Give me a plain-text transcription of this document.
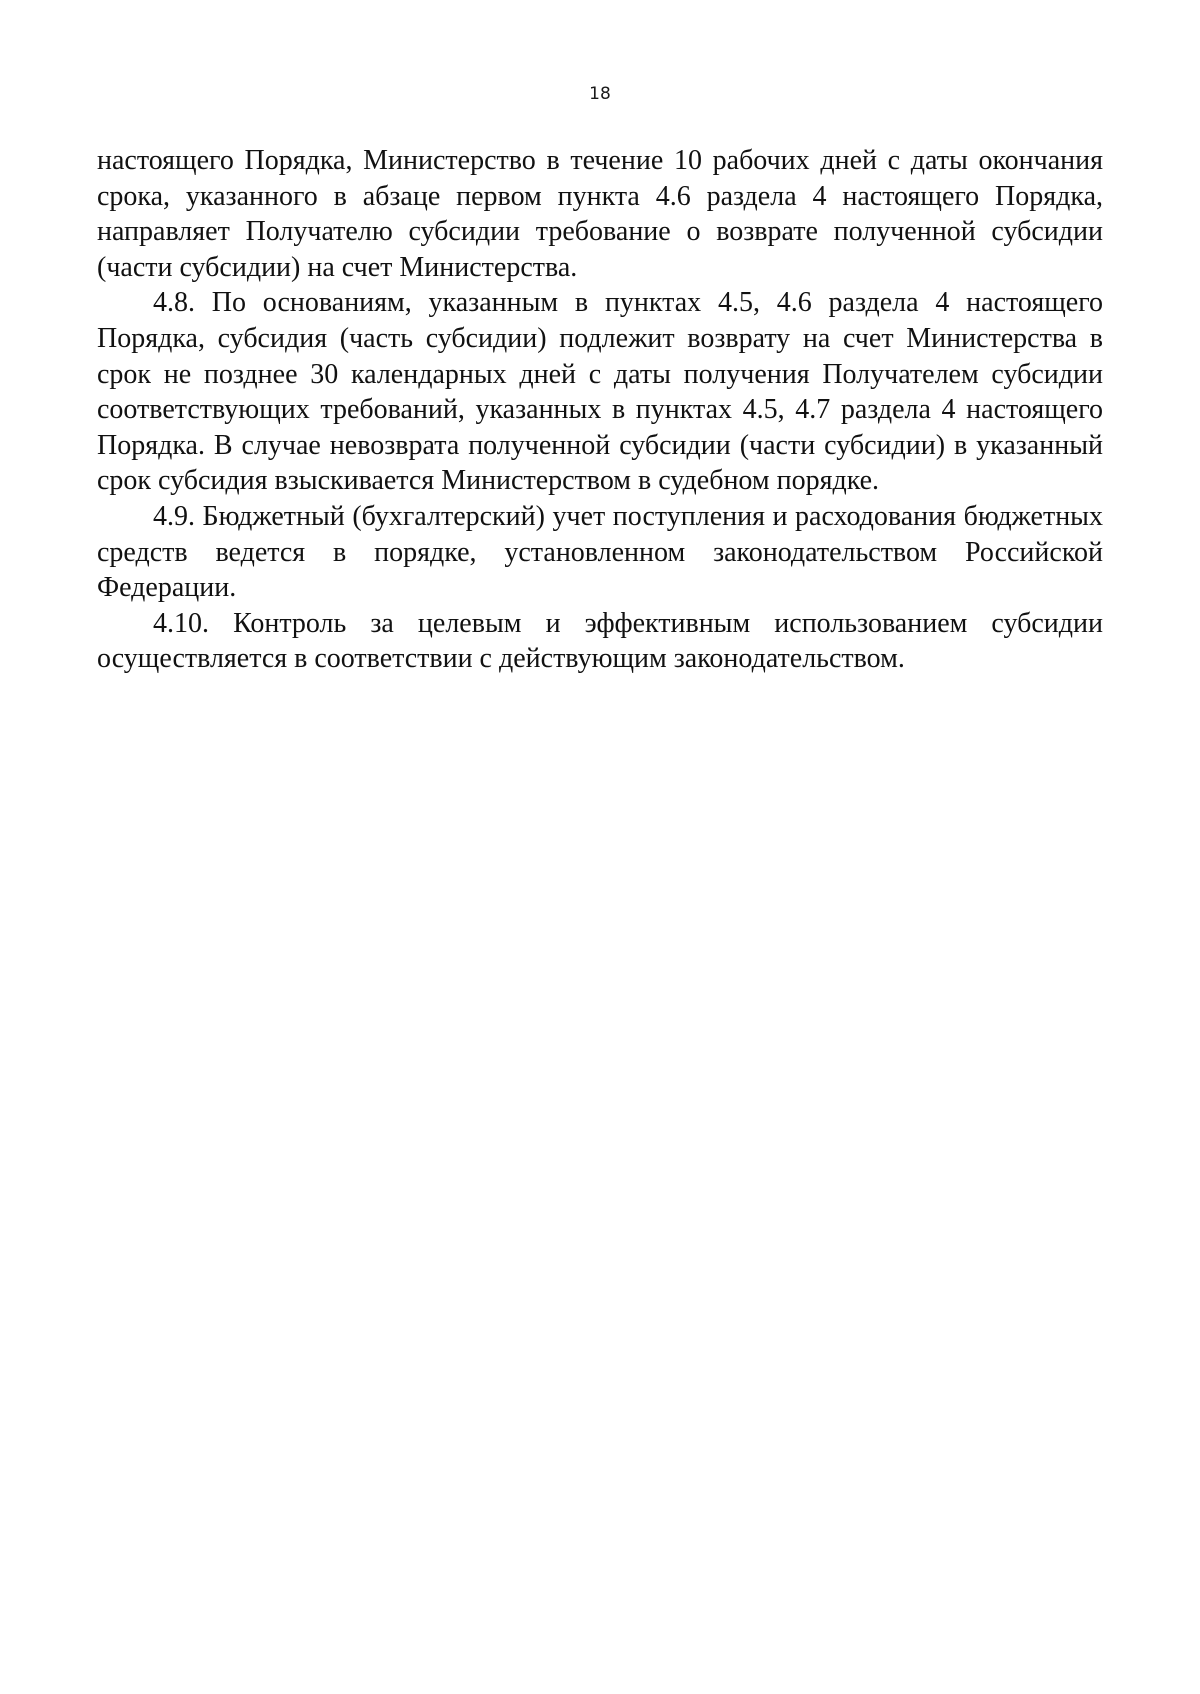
18

настоящего Порядка, Министерство в течение 10 рабочих дней с даты окончания срока, указанного в абзаце первом пункта 4.6 раздела 4 настоящего Порядка, направляет Получателю субсидии требование о возврате полученной субсидии (части субсидии) на счет Министерства.

4.8. По основаниям, указанным в пунктах 4.5, 4.6 раздела 4 настоящего Порядка, субсидия (часть субсидии) подлежит возврату на счет Министерства в срок не позднее 30 календарных дней с даты получения Получателем субсидии соответствующих требований, указанных в пунктах 4.5, 4.7 раздела 4 настоящего Порядка. В случае невозврата полученной субсидии (части субсидии) в указанный срок субсидия взыскивается Министерством в судебном порядке.

4.9. Бюджетный (бухгалтерский) учет поступления и расходования бюджетных средств ведется в порядке, установленном законодательством Российской Федерации.

4.10. Контроль за целевым и эффективным использованием субсидии осуществляется в соответствии с действующим законодательством.
